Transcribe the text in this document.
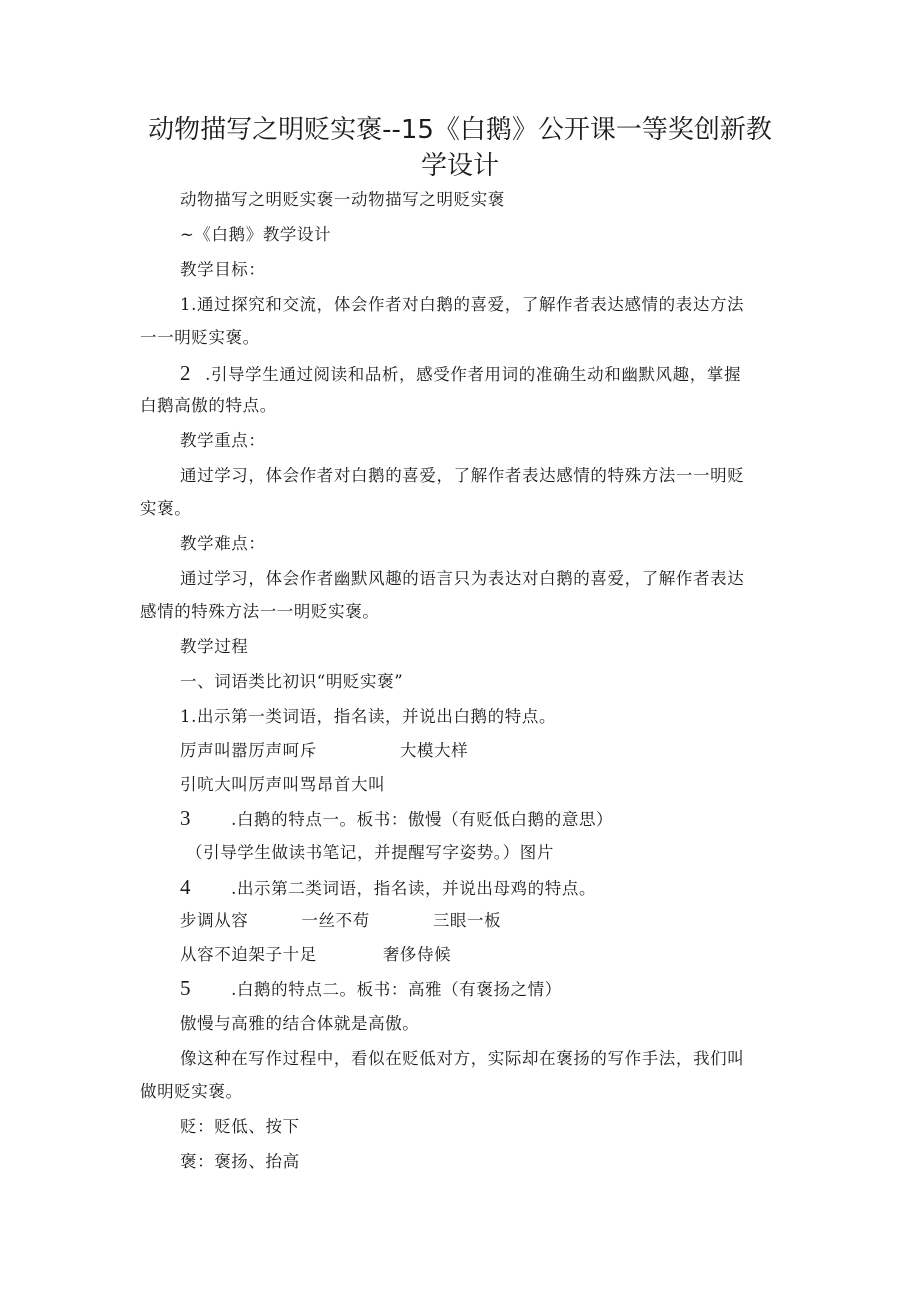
动物描写之明贬实褒--15《白鹅》公开课一等奖创新教
学设计
动物描写之明贬实褒一动物描写之明贬实褒
~《白鹅》教学设计
教学目标：
1.通过探究和交流，体会作者对白鹅的喜爱，了解作者表达感情的表达方法
一一明贬实褒。
2 .引导学生通过阅读和品析，感受作者用词的准确生动和幽默风趣，掌握
白鹅高傲的特点。
教学重点：
通过学习，体会作者对白鹅的喜爱，了解作者表达感情的特殊方法一一明贬
实褒。
教学难点：
通过学习，体会作者幽默风趣的语言只为表达对白鹅的喜爱，了解作者表达
感情的特殊方法一一明贬实褒。
教学过程
一、词语类比初识“明贬实褒”
1.出示第一类词语，指名读，并说出白鹅的特点。
厉声叫嚣厉声呵斥	大模大样
引吭大叫厉声叫骂昂首大叫
3 .白鹅的特点一。板书：傲慢（有贬低白鹅的意思）
（引导学生做读书笔记，并提醒写字姿势。）图片
4 .出示第二类词语，指名读，并说出母鸡的特点。
步调从容	一丝不苟	三眼一板
从容不迫架子十足	奢侈侍候
5 .白鹅的特点二。板书：高雅（有褒扬之情）
傲慢与高雅的结合体就是高傲。
像这种在写作过程中，看似在贬低对方，实际却在褒扬的写作手法，我们叫
做明贬实褒。
贬：贬低、按下
褒：褒扬、抬高
